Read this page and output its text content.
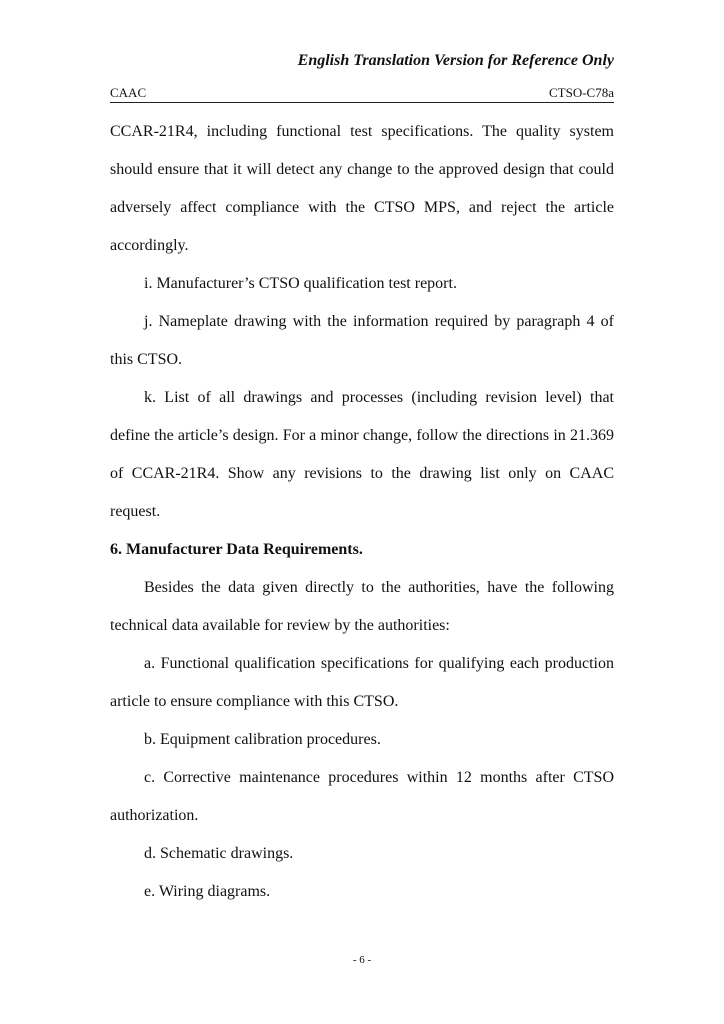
English Translation Version for Reference Only
CAAC	CTSO-C78a

CCAR-21R4, including functional test specifications. The quality system should ensure that it will detect any change to the approved design that could adversely affect compliance with the CTSO MPS, and reject the article accordingly.

i. Manufacturer’s CTSO qualification test report.

j. Nameplate drawing with the information required by paragraph 4 of this CTSO.

k. List of all drawings and processes (including revision level) that define the article’s design. For a minor change, follow the directions in 21.369 of CCAR-21R4. Show any revisions to the drawing list only on CAAC request.

6. Manufacturer Data Requirements.

Besides the data given directly to the authorities, have the following technical data available for review by the authorities:

a. Functional qualification specifications for qualifying each production article to ensure compliance with this CTSO.

b. Equipment calibration procedures.

c. Corrective maintenance procedures within 12 months after CTSO authorization.

d. Schematic drawings.

e. Wiring diagrams.

- 6 -
